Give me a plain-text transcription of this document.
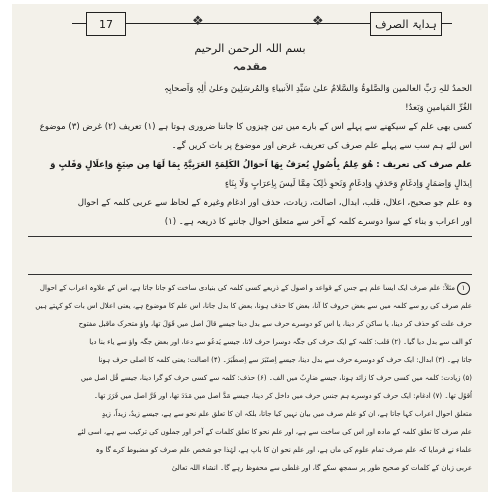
17	❖	❖	ہدایۃ الصرف
بسم اللہ الرحمن الرحیم
مقدمہ

الحمدُ للہِ رَبِّ العالمین وَالصَّلوۃُ وَالسَّلامُ علیٰ سَیِّدِ الاَنبیاءِ وَالمُرسَلِینَ وعلیٰ اٰلِہٖ وَاَصحابِہٖ

الغُرِّ المَیامینِ وَبَعدُ!

کسی بھی علم کے سیکھنے سے پہلے اس کے بارے میں تین چیزوں کا جاننا ضروری ہوتا ہے (۱) تعریف (۲) غرض (۳) موضوع

اس لئے ہم سب سے پہلے علم صرف کی تعریف، غرض اور موضوع پر بات کریں گے۔

علم صرف کی تعریف : هُوَ عِلمٌ بِاُصُولٍ یُعرَفُ بِهَا اَحوَالُ الکَلِمَۃِ العَرَبِیَّۃِ بِمَا لَهَا مِن صِیَغٍ وَاِعلَالٍ وَقَلبٍ وَ

اِبدَالٍ وَاِضمَارٍ وَاِدغَامٍ وَحَذفٍ وَاِدغَامٍ وَنَحوِ ذٰلِکَ مِمَّا لَیسَ بِاِعرَابٍ وَلَا بِنَاءٍ

وہ علم جو صحیح، اعلال، قلب، ابدال، اصالت، زیادت، حذف اور ادغام وغیرہ کے لحاظ سے عربی کلمہ کے احوال

اور اعراب و بناء کے سوا دوسرے کلمہ کے آخر سے متعلق احوال جاننے کا ذریعہ ہے۔ (۱)

۱مثلاً: علم صرف ایک ایسا علم ہے جس کے قواعد و اصول کے ذریعے کسی کلمہ کی بنیادی ساخت کو جانا جاتا ہے، اس کے علاوہ اعراب کے احوال

علم صرف کی رو سے کلمہ میں سے بعض حروف کا آنا، بعض کا حذف ہونا، بعض کا بدل جانا، اس علم کا موضوع ہے، یعنی اعلال اس بات کو کہتے ہیں

حرف علت کو حذف کر دینا، یا ساکن کر دینا، یا اس کو دوسرے حرف سے بدل دینا جیسے قالَ اصل میں قَوَلَ تھا، واؤ متحرک ماقبل مفتوح

کو الف سے بدل دیا گیا۔ (۲) قلب: کلمہ کے ایک حرف کی جگہ دوسرا حرف لانا، جیسے یَدعُو سے دعا، اور بعض جگہ واؤ سے یاء بنا دیا

جاتا ہے۔ (۳) ابدال: ایک حرف کو دوسرے حرف سے بدل دینا، جیسے اِصتَبَرَ سے اِصطَبَرَ۔ (۴) اصالت: یعنی کلمہ کا اصلی حرف ہونا

(۵) زیادت: کلمہ میں کسی حرف کا زائد ہونا، جیسے ضارِبٌ میں الف۔ (۶) حذف: کلمہ سے کسی حرف کو گرا دینا، جیسے قُل اصل میں

اُقوُل تھا۔ (۷) ادغام: ایک حرف کو دوسرے ہم جنس حرف میں داخل کر دینا، جیسے مَدَّ اصل میں مَدَدَ تھا، اور فَرَّ اصل میں فَرَرَ تھا۔

متعلق احوال اعراب کہا جاتا ہے، ان کو علم صرف میں بیان نہیں کیا جاتا، بلکہ ان کا تعلق علم نحو سے ہے، جیسے زیدٌ، زیداً، زیدٍ

علم صرف کا تعلق کلمہ کے مادہ اور اس کی ساخت سے ہے، اور علم نحو کا تعلق کلمات کے آخر اور جملوں کی ترکیب سے ہے، اسی لئے

علماء نے فرمایا کہ علم صرف تمام علوم کی ماں ہے، اور علم نحو ان کا باپ ہے، لہٰذا جو شخص علم صرف کو مضبوط کرے گا وہ

عربی زبان کے کلمات کو صحیح طور پر سمجھ سکے گا، اور غلطی سے محفوظ رہے گا۔ انشاء اللہ تعالیٰ
